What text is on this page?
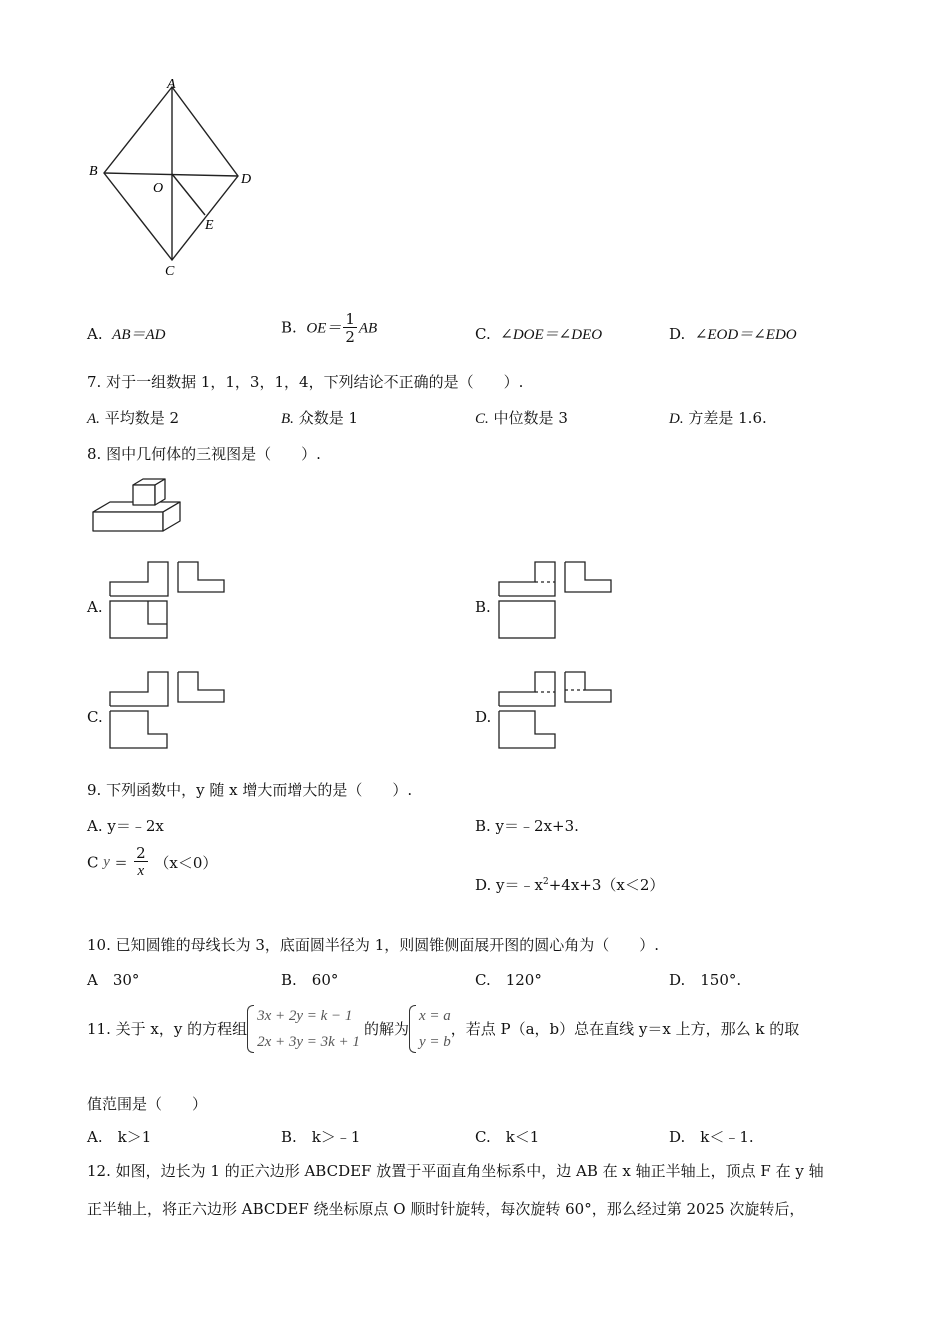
A
B
C
D
O
E
A. AB＝AD	B. $OE= \frac{1}{2}$ AB	C. ∠DOE＝∠DEO	D. ∠EOD＝∠EDO
7. 对于一组数据 1，1，3，1，4，下列结论不正确的是（　　）.
A. 平均数是 2	B. 众数是 1	C. 中位数是 3	D. 方差是 1.6.
8. 图中几何体的三视图是（　　）.
A.	B.
C.	D.
9. 下列函数中，y 随 x 增大而增大的是（　　）.
A. y＝﹣2x	B. y＝﹣2x+3.
C $y = \frac{2}{x} (x<0)$
D. $y=﹣x^2+4x+3(x<2)$
10. 已知圆锥的母线长为 3，底面圆半径为 1，则圆锥侧面展开图的圆心角为（　　）.
A　30°	B.　60°	C.　120°	D.　150°.
11. 关于 x，y 的方程组
3x + 2y = k − 1
2x + 3y = 3k + 1
的解为
x = a
y = b
，若点 P（a，b）总在直线 y＝x 上方，那么 k 的取
值范围是（　　）
A.　k＞1	B.　k＞﹣1	C.　k＜1	D.　k＜﹣1.
12. 如图，边长为 1 的正六边形 ABCDEF 放置于平面直角坐标系中，边 AB 在 x 轴正半轴上，顶点 F 在 y 轴
正半轴上，将正六边形 ABCDEF 绕坐标原点 O 顺时针旋转，每次旋转 60°，那么经过第 2025 次旋转后，
